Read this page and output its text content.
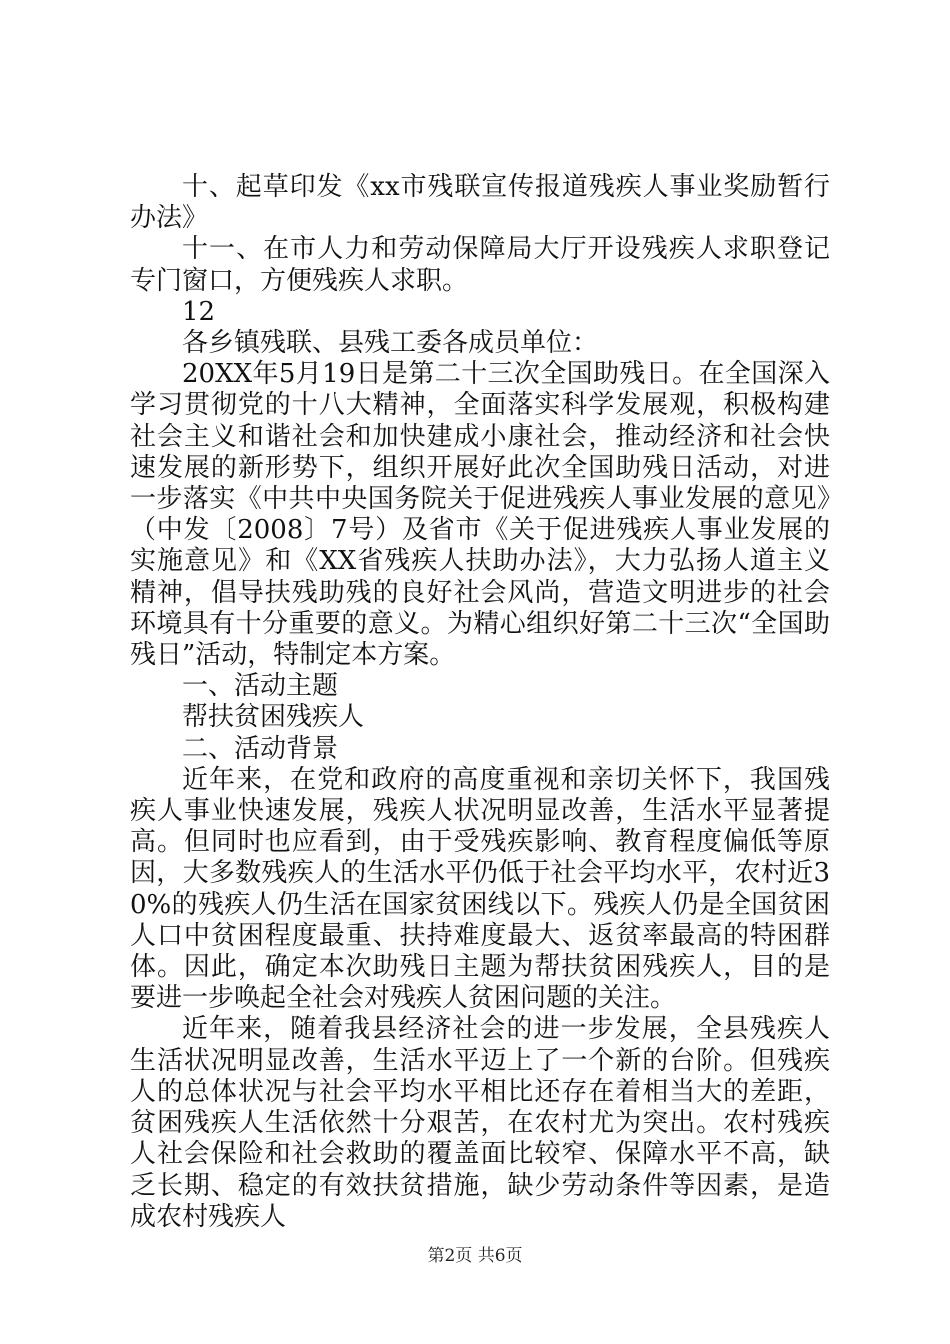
十、起草印发《xx市残联宣传报道残疾人事业奖励暂行办法》

十一、在市人力和劳动保障局大厅开设残疾人求职登记专门窗口，方便残疾人求职。

12

各乡镇残联、县残工委各成员单位：

20XX年5月19日是第二十三次全国助残日。在全国深入学习贯彻党的十八大精神，全面落实科学发展观，积极构建社会主义和谐社会和加快建成小康社会，推动经济和社会快速发展的新形势下，组织开展好此次全国助残日活动，对进一步落实《中共中央国务院关于促进残疾人事业发展的意见》（中发〔2008〕7号）及省市《关于促进残疾人事业发展的实施意见》和《XX省残疾人扶助办法》，大力弘扬人道主义精神，倡导扶残助残的良好社会风尚，营造文明进步的社会环境具有十分重要的意义。为精心组织好第二十三次“全国助残日”活动，特制定本方案。

一、活动主题

帮扶贫困残疾人

二、活动背景

近年来，在党和政府的高度重视和亲切关怀下，我国残疾人事业快速发展，残疾人状况明显改善，生活水平显著提高。但同时也应看到，由于受残疾影响、教育程度偏低等原因，大多数残疾人的生活水平仍低于社会平均水平，农村近30%的残疾人仍生活在国家贫困线以下。残疾人仍是全国贫困人口中贫困程度最重、扶持难度最大、返贫率最高的特困群体。因此，确定本次助残日主题为帮扶贫困残疾人，目的是要进一步唤起全社会对残疾人贫困问题的关注。

近年来，随着我县经济社会的进一步发展，全县残疾人生活状况明显改善，生活水平迈上了一个新的台阶。但残疾人的总体状况与社会平均水平相比还存在着相当大的差距，贫困残疾人生活依然十分艰苦，在农村尤为突出。农村残疾人社会保险和社会救助的覆盖面比较窄、保障水平不高，缺乏长期、稳定的有效扶贫措施，缺少劳动条件等因素，是造成农村残疾人

第2页 共6页
